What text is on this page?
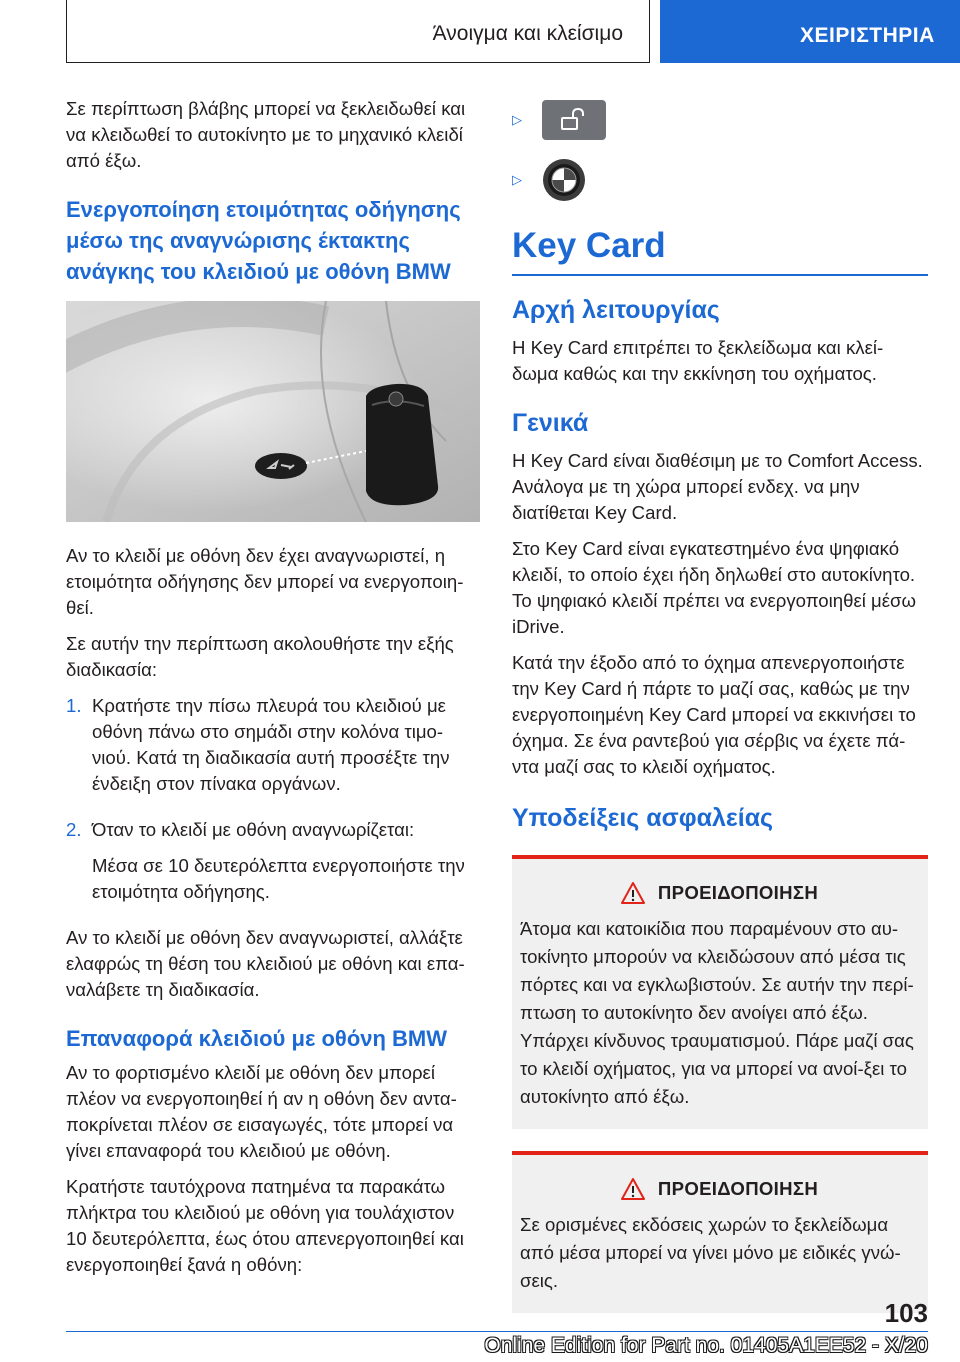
Άνοιγμα και κλείσιμο	ΧΕΙΡΙΣΤΗΡΙΑ

Σε περίπτωση βλάβης μπορεί να ξεκλειδωθεί και να κλειδωθεί το αυτοκίνητο με το μηχανικό κλειδί από έξω.

Ενεργοποίηση ετοιμότητας οδήγησης μέσω της αναγνώρισης έκτακτης ανάγκης του κλειδιού με οθόνη BMW

Αν το κλειδί με οθόνη δεν έχει αναγνωριστεί, η ετοιμότητα οδήγησης δεν μπορεί να ενεργοποιη-θεί.

Σε αυτήν την περίπτωση ακολουθήστε την εξής διαδικασία:

1. Κρατήστε την πίσω πλευρά του κλειδιού με οθόνη πάνω στο σημάδι στην κολόνα τιμο-νιού. Κατά τη διαδικασία αυτή προσέξτε την ένδειξη στον πίνακα οργάνων.

2. Όταν το κλειδί με οθόνη αναγνωρίζεται:

Μέσα σε 10 δευτερόλεπτα ενεργοποιήστε την ετοιμότητα οδήγησης.

Αν το κλειδί με οθόνη δεν αναγνωριστεί, αλλάξτε ελαφρώς τη θέση του κλειδιού με οθόνη και επα-ναλάβετε τη διαδικασία.

Επαναφορά κλειδιού με οθόνη BMW

Αν το φορτισμένο κλειδί με οθόνη δεν μπορεί πλέον να ενεργοποιηθεί ή αν η οθόνη δεν αντα-ποκρίνεται πλέον σε εισαγωγές, τότε μπορεί να γίνει επαναφορά του κλειδιού με οθόνη.

Κρατήστε ταυτόχρονα πατημένα τα παρακάτω πλήκτρα του κλειδιού με οθόνη για τουλάχιστον 10 δευτερόλεπτα, έως ότου απενεργοποιηθεί και ενεργοποιηθεί ξανά η οθόνη:

▷
▷
Key Card
Αρχή λειτουργίας

Η Key Card επιτρέπει το ξεκλείδωμα και κλεί-δωμα καθώς και την εκκίνηση του οχήματος.

Γενικά

Η Key Card είναι διαθέσιμη με το Comfort Access. Ανάλογα με τη χώρα μπορεί ενδεχ. να μην διατίθεται Key Card.

Στο Key Card είναι εγκατεστημένο ένα ψηφιακό κλειδί, το οποίο έχει ήδη δηλωθεί στο αυτοκίνητο. Το ψηφιακό κλειδί πρέπει να ενεργοποιηθεί μέσω iDrive.

Κατά την έξοδο από το όχημα απενεργοποιήστε την Key Card ή πάρτε το μαζί σας, καθώς με την ενεργοποιημένη Key Card μπορεί να εκκινήσει το όχημα. Σε ένα ραντεβού για σέρβις να έχετε πά-ντα μαζί σας το κλειδί οχήματος.

Υποδείξεις ασφαλείας
ΠΡΟΕΙΔΟΠΟΙΗΣΗ

Άτομα και κατοικίδια που παραμένουν στο αυ-τοκίνητο μπορούν να κλειδώσουν από μέσα τις πόρτες και να εγκλωβιστούν. Σε αυτήν την περί-πτωση το αυτοκίνητο δεν ανοίγει από έξω. Υπάρχει κίνδυνος τραυματισμού. Πάρε μαζί σας το κλειδί οχήματος, για να μπορεί να ανοί-ξει το αυτοκίνητο από έξω.

ΠΡΟΕΙΔΟΠΟΙΗΣΗ

Σε ορισμένες εκδόσεις χωρών το ξεκλείδωμα από μέσα μπορεί να γίνει μόνο με ειδικές γνώ-σεις.

103
Online Edition for Part no. 01405A1EE52 - X/20
